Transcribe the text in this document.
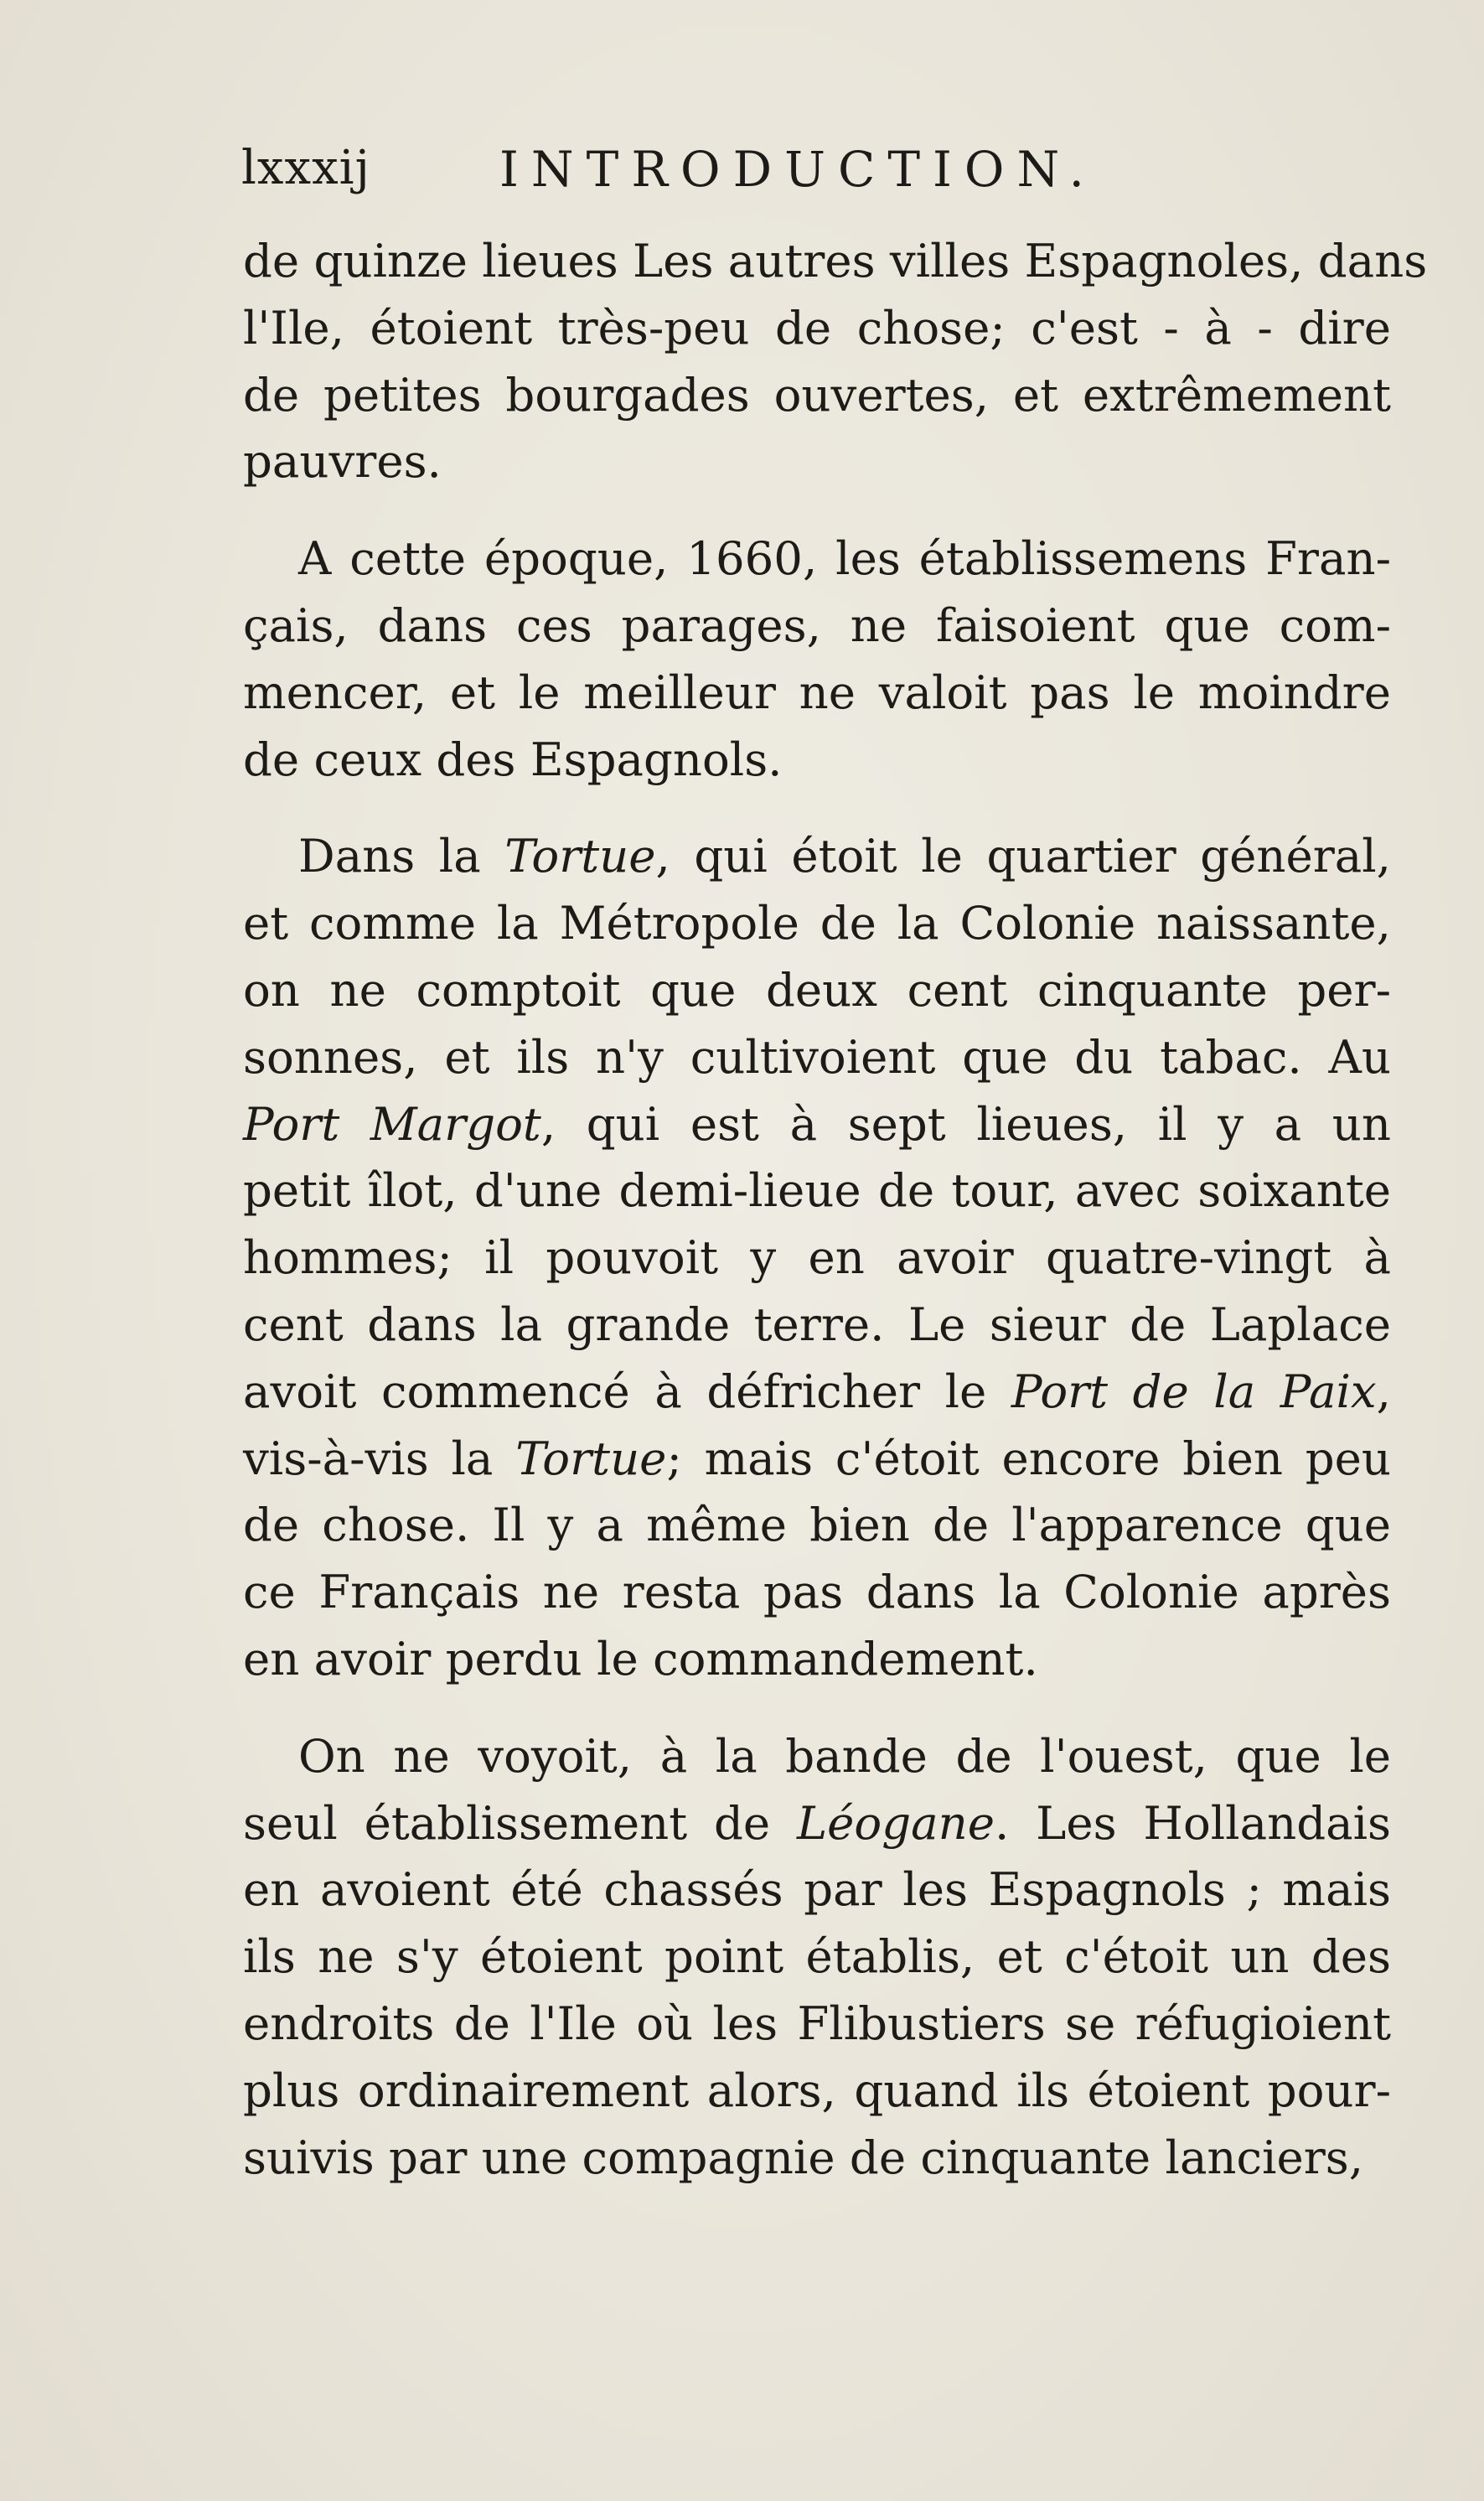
lxxxij	INTRODUCTION.
de quinze lieues Les autres villes Espagnoles, dans
l'Ile, étoient très-peu de chose; c'est - à - dire
de petites bourgades ouvertes, et extrêmement
pauvres.
A cette époque, 1660, les établissemens Fran-
çais, dans ces parages, ne faisoient que com-
mencer, et le meilleur ne valoit pas le moindre
de ceux des Espagnols.
Dans la Tortue, qui étoit le quartier général,
et comme la Métropole de la Colonie naissante,
on ne comptoit que deux cent cinquante per-
sonnes, et ils n'y cultivoient que du tabac. Au
Port Margot, qui est à sept lieues, il y a un
petit îlot, d'une demi-lieue de tour, avec soixante
hommes; il pouvoit y en avoir quatre-vingt à
cent dans la grande terre. Le sieur de Laplace
avoit commencé à défricher le Port de la Paix,
vis-à-vis la Tortue; mais c'étoit encore bien peu
de chose. Il y a même bien de l'apparence que
ce Français ne resta pas dans la Colonie après
en avoir perdu le commandement.
On ne voyoit, à la bande de l'ouest, que le
seul établissement de Léogane. Les Hollandais
en avoient été chassés par les Espagnols ; mais
ils ne s'y étoient point établis, et c'étoit un des
endroits de l'Ile où les Flibustiers se réfugioient
plus ordinairement alors, quand ils étoient pour-
suivis par une compagnie de cinquante lanciers,
